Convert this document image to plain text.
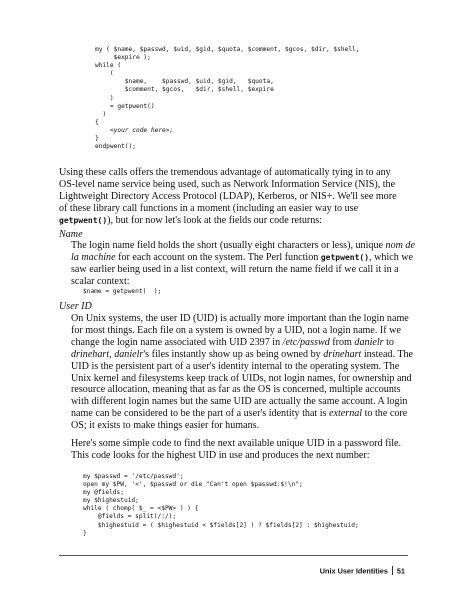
my ( $name, $passwd, $uid, $gid, $quota, $comment, $gcos, $dir, $shell,
$expire );
while (
(
$name,    $passwd, $uid, $gid,   $quota,
$comment, $gcos,   $dir, $shell, $expire
)
= getpwent()
)
{
<your code here>;
}
endpwent();

Using these calls offers the tremendous advantage of automatically tying in to any OS-level name service being used, such as Network Information Service (NIS), the Lightweight Directory Access Protocol (LDAP), Kerberos, or NIS+. We'll see more of these library call functions in a moment (including an easier way to use getpwent()), but for now let's look at the fields our code returns:

Name

The login name field holds the short (usually eight characters or less), unique nom de la machine for each account on the system. The Perl function getpwent(), which we saw earlier being used in a list context, will return the name field if we call it in a scalar context:

$name = getpwent(  );
User ID

On Unix systems, the user ID (UID) is actually more important than the login name for most things. Each file on a system is owned by a UID, not a login name. If we change the login name associated with UID 2397 in /etc/passwd from danielr to drinehart, danielr's files instantly show up as being owned by drinehart instead. The UID is the persistent part of a user's identity internal to the operating system. The Unix kernel and filesystems keep track of UIDs, not login names, for ownership and resource allocation, meaning that as far as the OS is concerned, multiple accounts with different login names but the same UID are actually the same account. A login name can be considered to be the part of a user's identity that is external to the core OS; it exists to make things easier for humans.

Here's some simple code to find the next available unique UID in a password file. This code looks for the highest UID in use and produces the next number:

my $passwd = '/etc/passwd';
open my $PW, '<', $passwd or die "Can't open $passwd:$!\n";
my @fields;
my $highestuid;
while ( chomp( $_ = <$PW> ) ) {
@fields = split(/:/);
$highestuid = ( $highestuid < $fields[2] ) ? $fields[2] : $highestuid;
}
Unix User Identities 51
